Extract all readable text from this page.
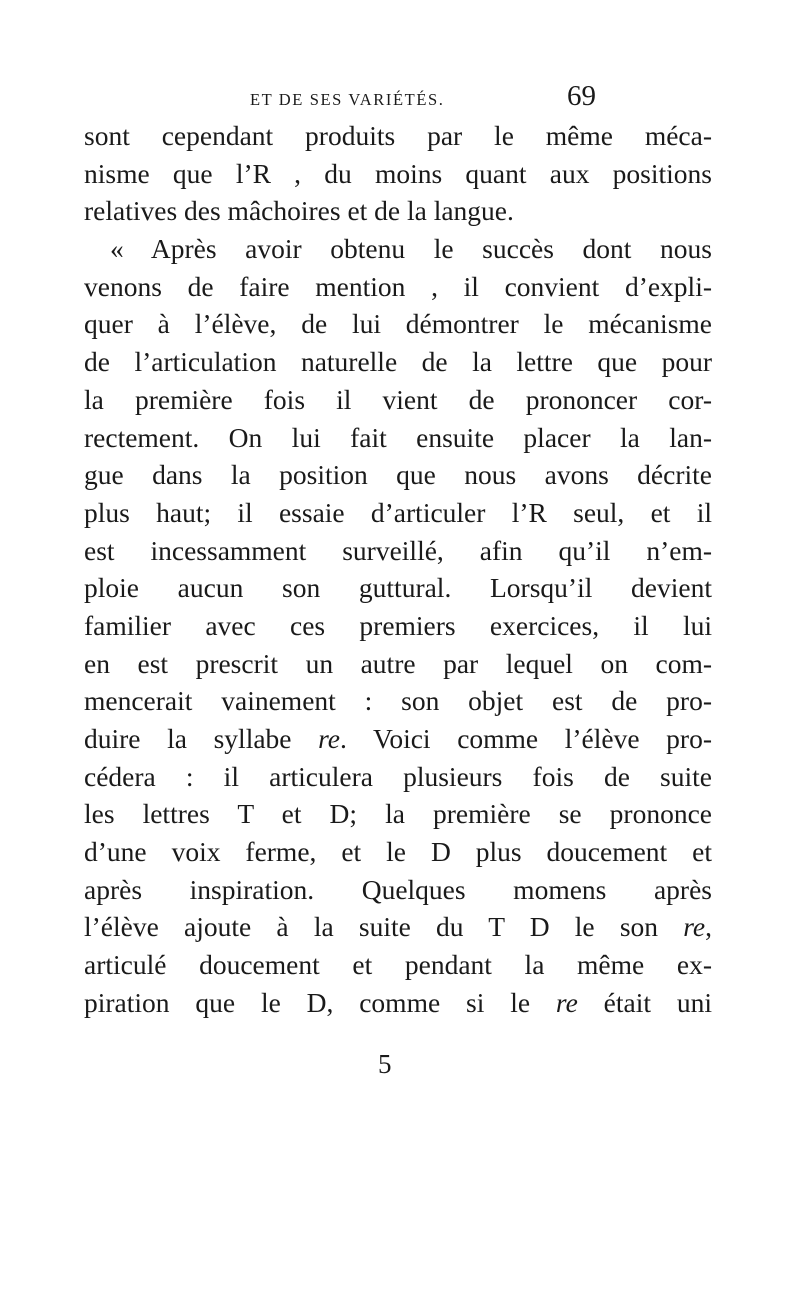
ET DE SES VARIÉTÉS.	69
sont cependant produits par le même méca-
nisme que l’R , du moins quant aux positions
relatives des mâchoires et de la langue.
« Après avoir obtenu le succès dont nous
venons de faire mention , il convient d’expli-
quer à l’élève, de lui démontrer le mécanisme
de l’articulation naturelle de la lettre que pour
la première fois il vient de prononcer cor-
rectement. On lui fait ensuite placer la lan-
gue dans la position que nous avons décrite
plus haut; il essaie d’articuler l’R seul, et il
est incessamment surveillé, afin qu’il n’em-
ploie aucun son guttural. Lorsqu’il devient
familier avec ces premiers exercices, il lui
en est prescrit un autre par lequel on com-
mencerait vainement : son objet est de pro-
duire la syllabe re. Voici comme l’élève pro-
cédera : il articulera plusieurs fois de suite
les lettres T et D; la première se prononce
d’une voix ferme, et le D plus doucement et
après inspiration. Quelques momens après
l’élève ajoute à la suite du T D le son re,
articulé doucement et pendant la même ex-
piration que le D, comme si le re était uni
5
